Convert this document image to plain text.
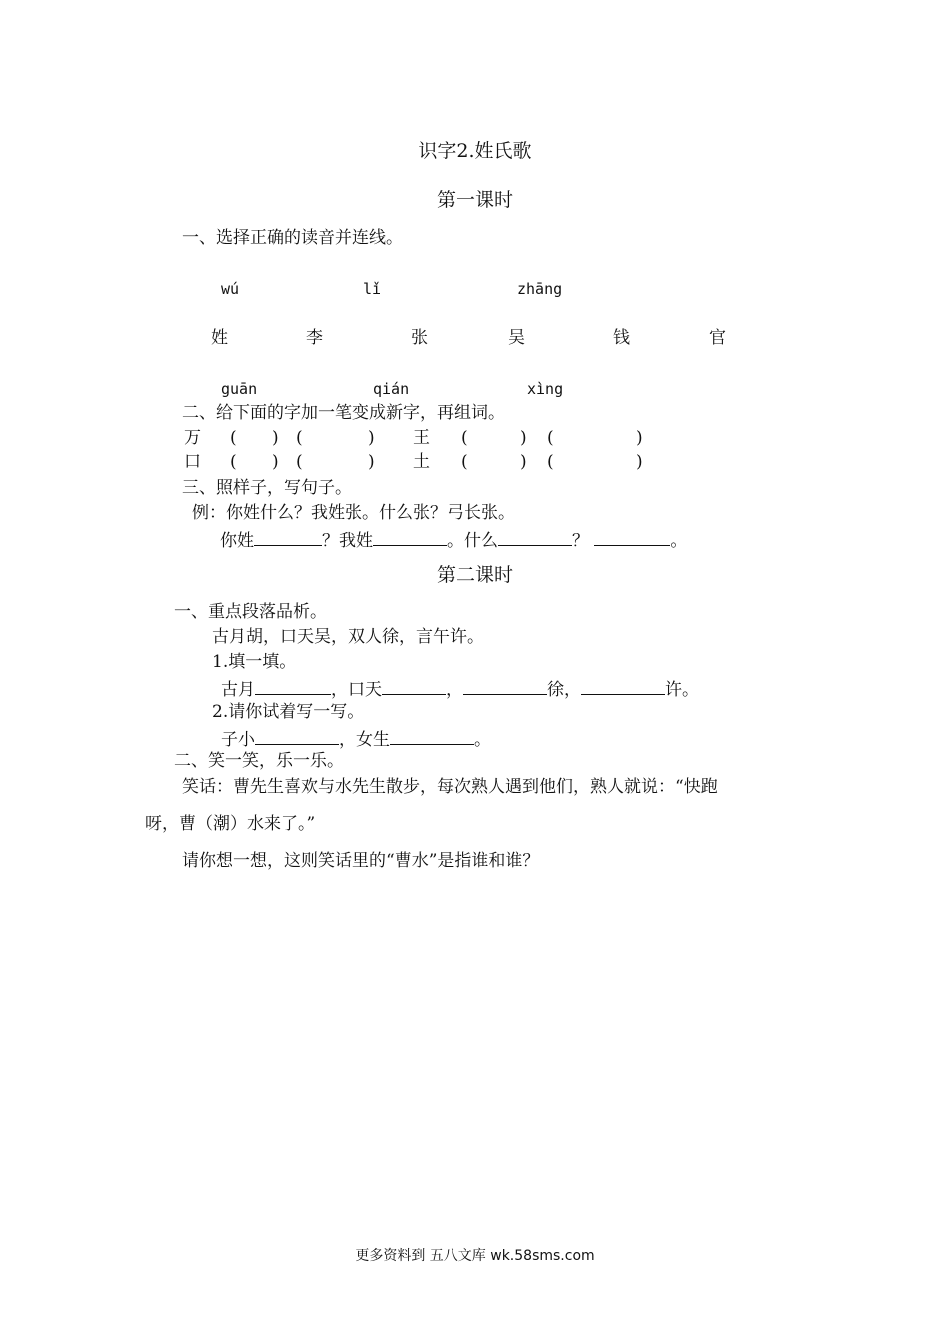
识字2.姓氏歌
第一课时
一、选择正确的读音并连线。
wú	lǐ	zhāng
姓	李	张	吴	钱	官
guān	qián	xìng
二、给下面的字加一笔变成新字，再组词。
万 ( ) (	) 王 (	) (	)
口 ( ) (	) 土 (	) (	)
三、照样子，写句子。
例：你姓什么？我姓张。什么张？弓长张。
你姓	？我姓	。什么	？	。
第二课时
一、重点段落品析。
古月胡，口天吴，双人徐，言午许。
1.填一填。
古月	，口天	，	徐，	许。
2.请你试着写一写。
子小	，女生	。
二、笑一笑，乐一乐。
笑话：曹先生喜欢与水先生散步，每次熟人遇到他们，熟人就说：“快跑
呀，曹（潮）水来了。”
请你想一想，这则笑话里的“曹水”是指谁和谁？
更多资料到 五八文库 wk.58sms.com
